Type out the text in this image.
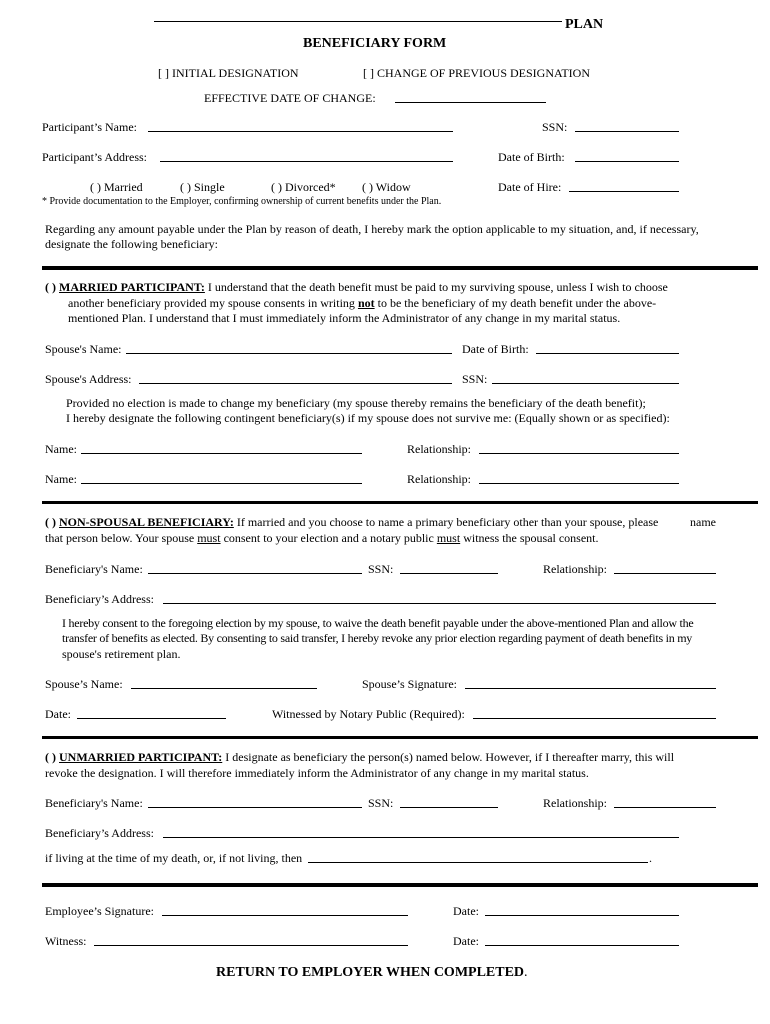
PLAN
BENEFICIARY FORM
[ ] INITIAL DESIGNATION	[ ] CHANGE OF PREVIOUS DESIGNATION
EFFECTIVE DATE OF CHANGE:
Participant’s Name:	SSN:
Participant’s Address:	Date of Birth:
( ) Married	( ) Single	( ) Divorced* ( ) Widow	Date of Hire:
* Provide documentation to the Employer, confirming ownership of current benefits under the Plan.
Regarding any amount payable under the Plan by reason of death, I hereby mark the option applicable to my situation, and, if necessary,
designate the following beneficiary:
( ) MARRIED PARTICIPANT: I understand that the death benefit must be paid to my surviving spouse, unless I wish to choose
another beneficiary provided my spouse consents in writing not to be the beneficiary of my death benefit under the above-
mentioned Plan. I understand that I must immediately inform the Administrator of any change in my marital status.
Spouse's Name:	Date of Birth:
Spouse's Address:	SSN:
Provided no election is made to change my beneficiary (my spouse thereby remains the beneficiary of the death benefit);
I hereby designate the following contingent beneficiary(s) if my spouse does not survive me: (Equally shown or as specified):
Name:	Relationship:
Name:	Relationship:
( ) NON-SPOUSAL BENEFICIARY: If married and you choose to name a primary beneficiary other than your spouse, please	name
that person below. Your spouse must consent to your election and a notary public must witness the spousal consent.
Beneficiary's Name:	SSN:	Relationship:
Beneficiary’s Address:
I hereby consent to the foregoing election by my spouse, to waive the death benefit payable under the above-mentioned Plan and allow the
transfer of benefits as elected. By consenting to said transfer, I hereby revoke any prior election regarding payment of death benefits in my
spouse's retirement plan.
Spouse’s Name:	Spouse’s Signature:
Date:	Witnessed by Notary Public (Required):
( ) UNMARRIED PARTICIPANT: I designate as beneficiary the person(s) named below. However, if I thereafter marry, this will
revoke the designation. I will therefore immediately inform the Administrator of any change in my marital status.
Beneficiary's Name:	SSN:	Relationship:
Beneficiary’s Address:
if living at the time of my death, or, if not living, then	.
Employee’s Signature:	Date:
Witness:	Date:
RETURN TO EMPLOYER WHEN COMPLETED.
